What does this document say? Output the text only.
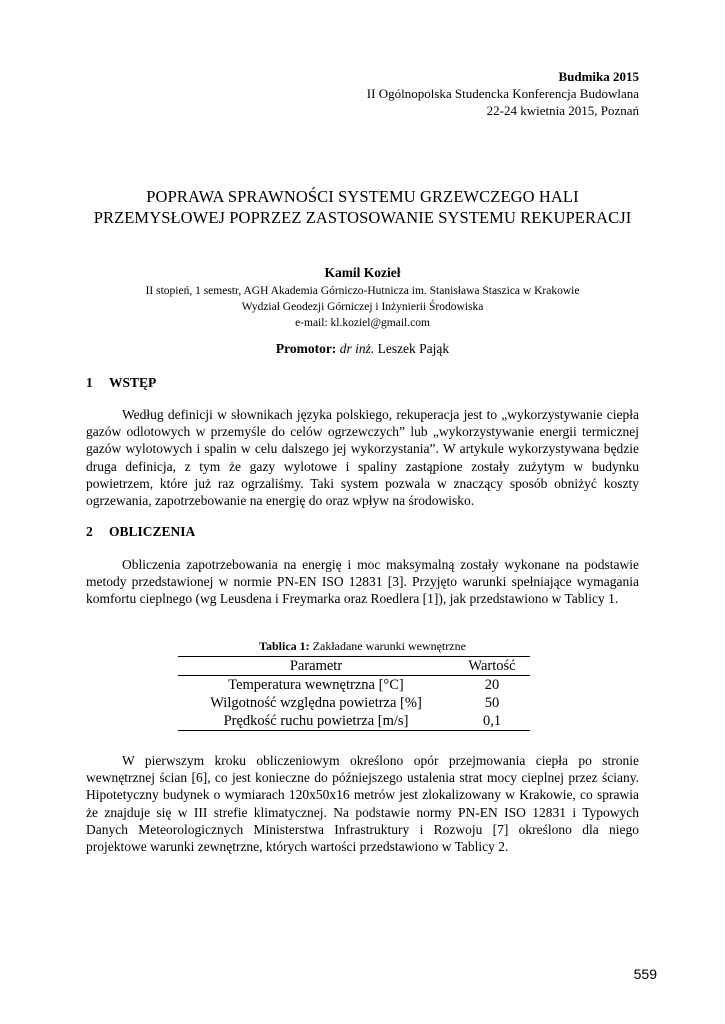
Budmika 2015
II Ogólnopolska Studencka Konferencja Budowlana
22-24 kwietnia 2015, Poznań
POPRAWA SPRAWNOŚCI SYSTEMU GRZEWCZEGO HALI
PRZEMYSŁOWEJ POPRZEZ ZASTOSOWANIE SYSTEMU REKUPERACJI
Kamil Kozieł
II stopień, 1 semestr, AGH Akademia Górniczo-Hutnicza im. Stanisława Staszica w Krakowie
Wydział Geodezji Górniczej i Inżynierii Środowiska
e-mail: kl.koziel@gmail.com
Promotor: dr inż. Leszek Pająk
1 WSTĘP
Według definicji w słownikach języka polskiego, rekuperacja jest to „wykorzystywanie ciepła gazów odlotowych w przemyśle do celów ogrzewczych” lub „wykorzystywanie energii termicznej gazów wylotowych i spalin w celu dalszego jej wykorzystania”. W artykule wykorzystywana będzie druga definicja, z tym że gazy wylotowe i spaliny zastąpione zostały zużytym w budynku powietrzem, które już raz ogrzaliśmy. Taki system pozwala w znaczący sposób obniżyć koszty ogrzewania, zapotrzebowanie na energię do oraz wpływ na środowisko.
2 OBLICZENIA
Obliczenia zapotrzebowania na energię i moc maksymalną zostały wykonane na podstawie metody przedstawionej w normie PN-EN ISO 12831 [3]. Przyjęto warunki spełniające wymagania komfortu cieplnego (wg Leusdena i Freymarka oraz Roedlera [1]), jak przedstawiono w Tablicy 1.
Tablica 1: Zakładane warunki wewnętrzne
Parametr	Wartość
Temperatura wewnętrzna [°C]	20
Wilgotność względna powietrza [%]	50
Prędkość ruchu powietrza [m/s]	0,1
W pierwszym kroku obliczeniowym określono opór przejmowania ciepła po stronie wewnętrznej ścian [6], co jest konieczne do późniejszego ustalenia strat mocy cieplnej przez ściany. Hipotetyczny budynek o wymiarach 120x50x16 metrów jest zlokalizowany w Krakowie, co sprawia że znajduje się w III strefie klimatycznej. Na podstawie normy PN-EN ISO 12831 i Typowych Danych Meteorologicznych Ministerstwa Infrastruktury i Rozwoju [7] określono dla niego projektowe warunki zewnętrzne, których wartości przedstawiono w Tablicy 2.
559
